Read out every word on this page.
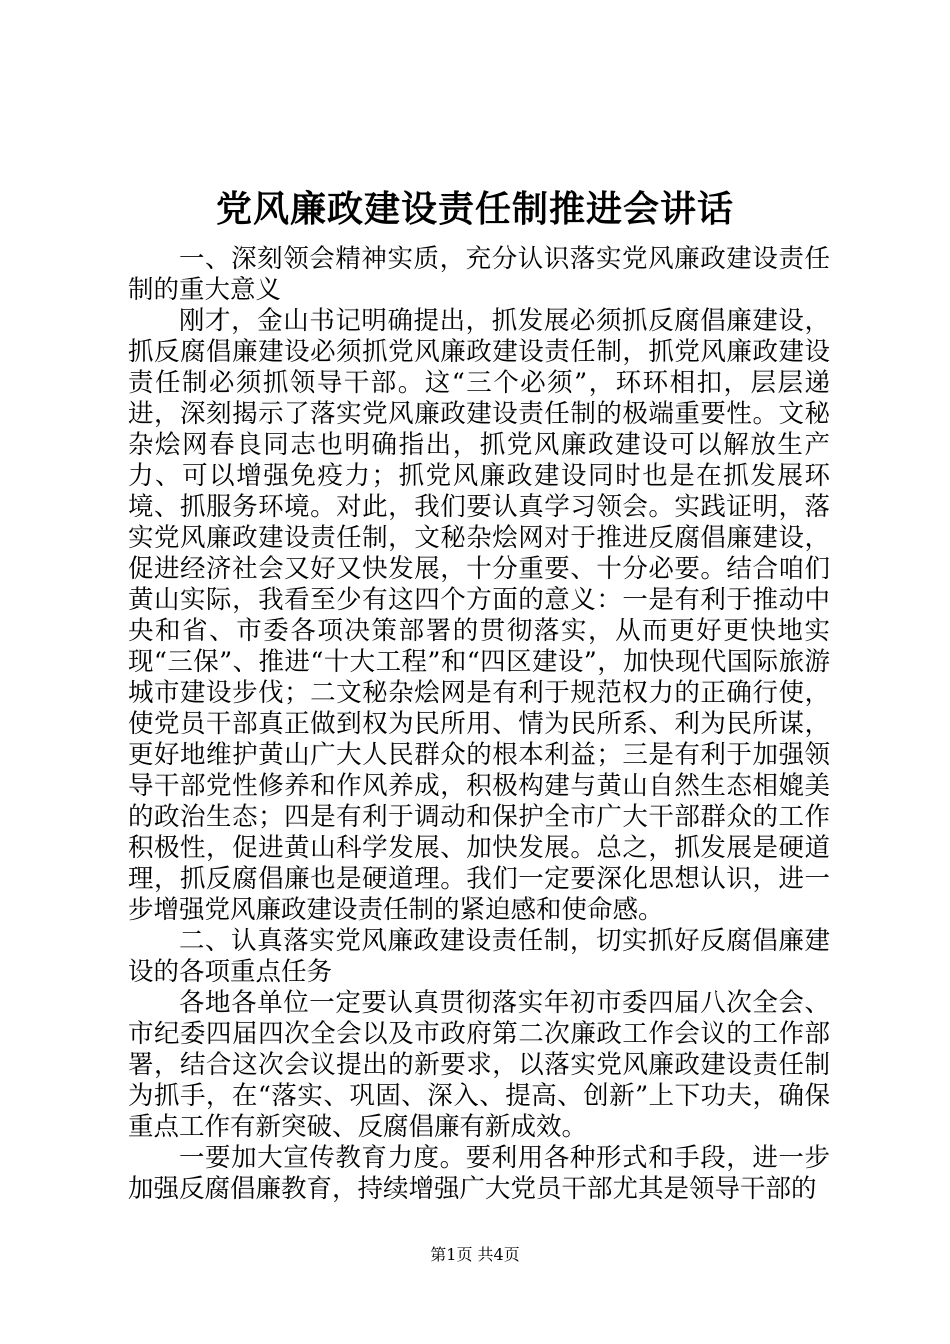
党风廉政建设责任制推进会讲话

一、深刻领会精神实质，充分认识落实党风廉政建设责任制的重大意义

刚才，金山书记明确提出，抓发展必须抓反腐倡廉建设，抓反腐倡廉建设必须抓党风廉政建设责任制，抓党风廉政建设责任制必须抓领导干部。这“三个必须”，环环相扣，层层递进，深刻揭示了落实党风廉政建设责任制的极端重要性。文秘杂烩网春良同志也明确指出，抓党风廉政建设可以解放生产力、可以增强免疫力；抓党风廉政建设同时也是在抓发展环境、抓服务环境。对此，我们要认真学习领会。实践证明，落实党风廉政建设责任制，文秘杂烩网对于推进反腐倡廉建设，促进经济社会又好又快发展，十分重要、十分必要。结合咱们黄山实际，我看至少有这四个方面的意义：一是有利于推动中央和省、市委各项决策部署的贯彻落实，从而更好更快地实现“三保”、推进“十大工程”和“四区建设”，加快现代国际旅游城市建设步伐；二文秘杂烩网是有利于规范权力的正确行使，使党员干部真正做到权为民所用、情为民所系、利为民所谋，更好地维护黄山广大人民群众的根本利益；三是有利于加强领导干部党性修养和作风养成，积极构建与黄山自然生态相媲美的政治生态；四是有利于调动和保护全市广大干部群众的工作积极性，促进黄山科学发展、加快发展。总之，抓发展是硬道理，抓反腐倡廉也是硬道理。我们一定要深化思想认识，进一步增强党风廉政建设责任制的紧迫感和使命感。

二、认真落实党风廉政建设责任制，切实抓好反腐倡廉建设的各项重点任务

各地各单位一定要认真贯彻落实年初市委四届八次全会、市纪委四届四次全会以及市政府第二次廉政工作会议的工作部署，结合这次会议提出的新要求，以落实党风廉政建设责任制为抓手，在“落实、巩固、深入、提高、创新”上下功夫，确保重点工作有新突破、反腐倡廉有新成效。

一要加大宣传教育力度。要利用各种形式和手段，进一步加强反腐倡廉教育，持续增强广大党员干部尤其是领导干部的

第1页 共4页
